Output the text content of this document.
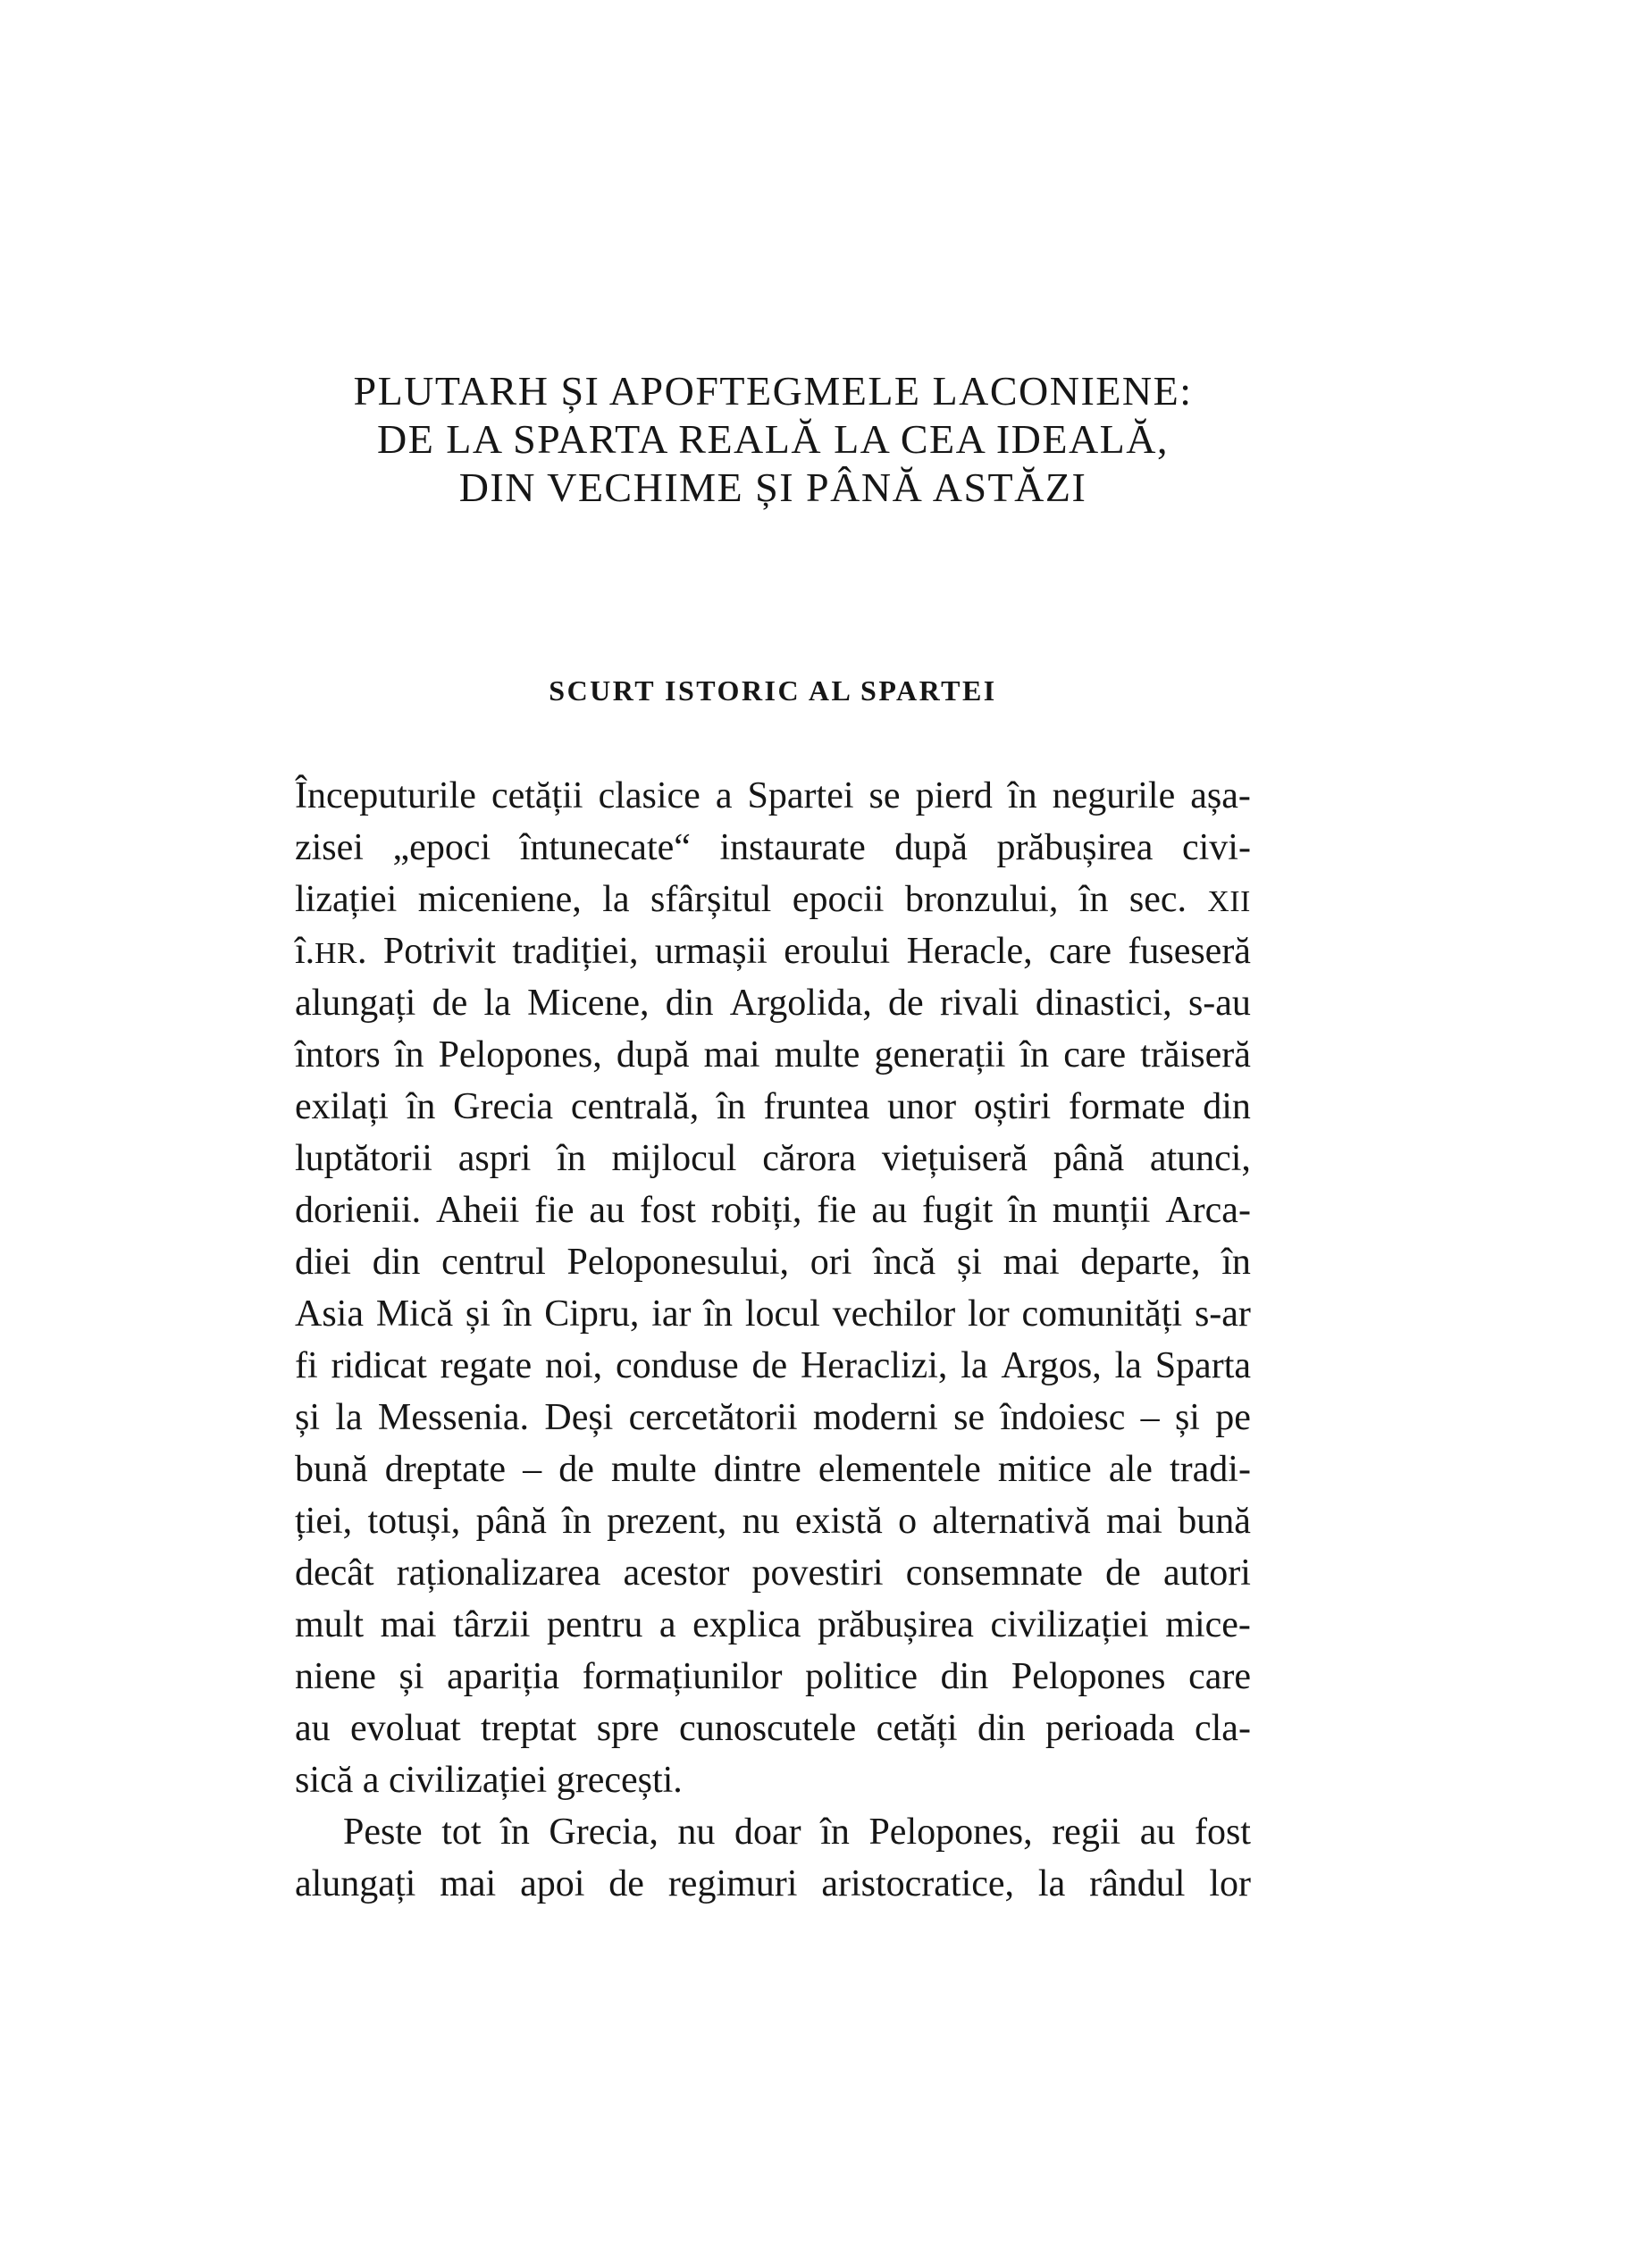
PLUTARH ȘI APOFTEGMELE LACONIENE:
DE LA SPARTA REALĂ LA CEA IDEALĂ,
DIN VECHIME ȘI PÂNĂ ASTĂZI
SCURT ISTORIC AL SPARTEI
Începuturile cetății clasice a Spartei se pierd în negurile așa-
zisei „epoci întunecate“ instaurate după prăbușirea civi-
lizației miceniene, la sfârșitul epocii bronzului, în sec. XII
î.HR. Potrivit tradiției, urmașii eroului Heracle, care fuseseră
alungați de la Micene, din Argolida, de rivali dinastici, s-au
întors în Pelopones, după mai multe generații în care trăiseră
exilați în Grecia centrală, în fruntea unor oștiri formate din
luptătorii aspri în mijlocul cărora viețuiseră până atunci,
dorienii. Aheii fie au fost robiți, fie au fugit în munții Arca-
diei din centrul Peloponesului, ori încă și mai departe, în
Asia Mică și în Cipru, iar în locul vechilor lor comunități s-ar
fi ridicat regate noi, conduse de Heraclizi, la Argos, la Sparta
și la Messenia. Deși cercetătorii moderni se îndoiesc – și pe
bună dreptate – de multe dintre elementele mitice ale tradi-
ției, totuși, până în prezent, nu există o alternativă mai bună
decât raționalizarea acestor povestiri consemnate de autori
mult mai târzii pentru a explica prăbușirea civilizației mice-
niene și apariția formațiunilor politice din Pelopones care
au evoluat treptat spre cunoscutele cetăți din perioada cla-
sică a civilizației grecești.
Peste tot în Grecia, nu doar în Pelopones, regii au fost
alungați mai apoi de regimuri aristocratice, la rândul lor
